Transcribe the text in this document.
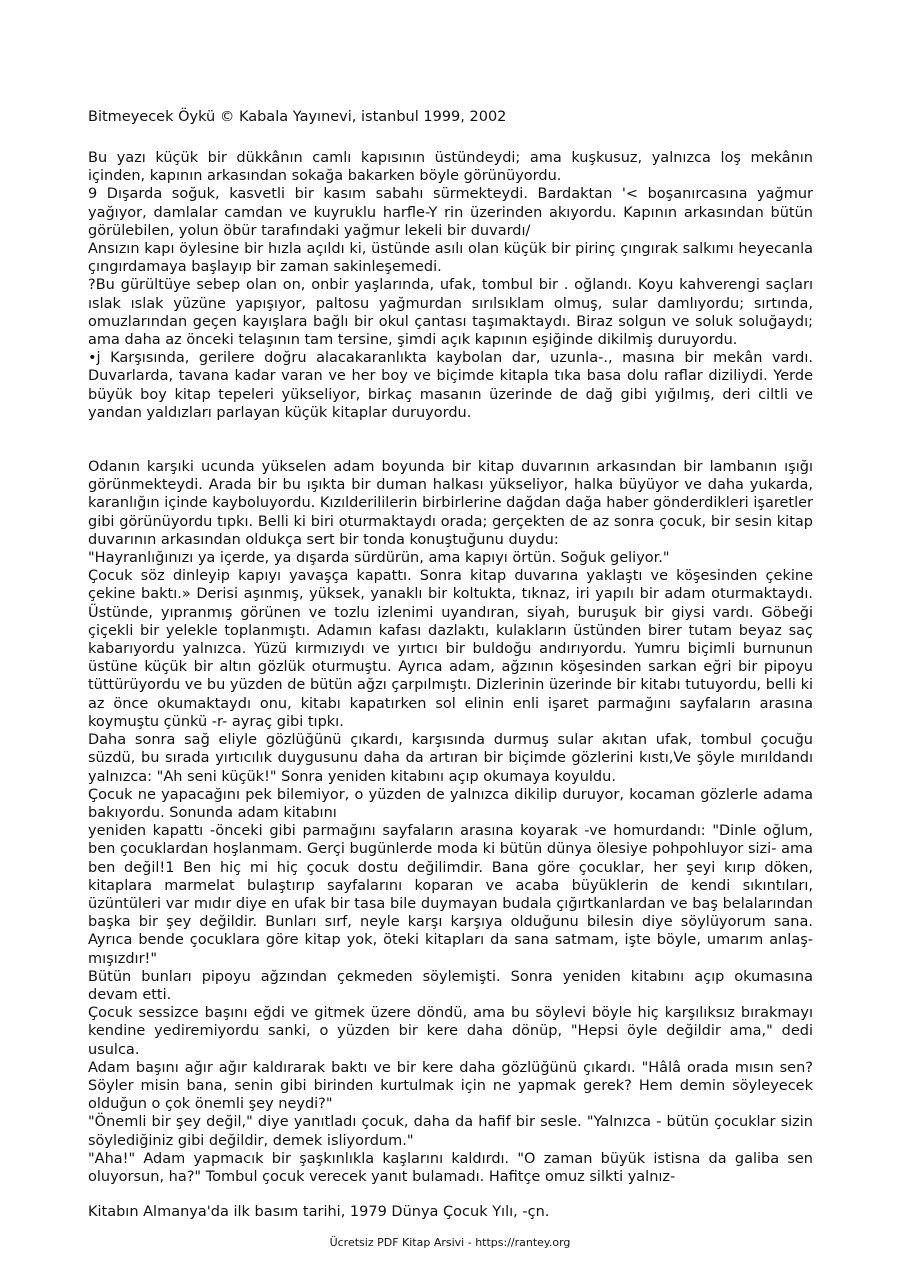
Bitmeyecek Öykü © Kabala Yayınevi, istanbul 1999, 2002

Bu yazı küçük bir dükkânın camlı kapısının üstündeydi; ama kuşkusuz, yalnızca loş mekânın içinden, kapının arkasından sokağa bakarken böyle görünüyordu.

9 Dışarda soğuk, kasvetli bir kasım sabahı sürmekteydi. Bardaktan '< boşanırcasına yağmur yağıyor, damlalar camdan ve kuyruklu harfle-Y rin üzerinden akıyordu. Kapının arkasından bütün görülebilen, yolun öbür tarafındaki yağmur lekeli bir duvardı/

Ansızın kapı öylesine bir hızla açıldı ki, üstünde asılı olan küçük bir pirinç çıngırak salkımı heyecanla çıngırdamaya başlayıp bir zaman sakinleşemedi.

?Bu gürültüye sebep olan on, onbir yaşlarında, ufak, tombul bir . oğlandı. Koyu kahverengi saçları ıslak ıslak yüzüne yapışıyor, paltosu yağmurdan sırılsıklam olmuş, sular damlıyordu; sırtında, omuzlarından geçen kayışlara bağlı bir okul çantası taşımaktaydı. Biraz solgun ve soluk soluğaydı; ama daha az önceki telaşının tam tersine, şimdi açık kapının eşiğinde dikilmiş duruyordu.

•j Karşısında, gerilere doğru alacakaranlıkta kaybolan dar, uzunla-., masına bir mekân vardı. Duvarlarda, tavana kadar varan ve her boy ve biçimde kitapla tıka basa dolu raflar diziliydi. Yerde büyük boy kitap tepeleri yükseliyor, birkaç masanın üzerinde de dağ gibi yığılmış, deri ciltli ve yandan yaldızları parlayan küçük kitaplar duruyordu.

Odanın karşıki ucunda yükselen adam boyunda bir kitap duvarının arkasından bir lambanın ışığı görünmekteydi. Arada bir bu ışıkta bir duman halkası yükseliyor, halka büyüyor ve daha yukarda, karanlığın içinde kayboluyordu. Kızılderililerin birbirlerine dağdan dağa haber gönderdikleri işaretler gibi görünüyordu tıpkı. Belli ki biri oturmaktaydı orada; gerçekten de az sonra çocuk, bir sesin kitap duvarının arkasından oldukça sert bir tonda konuştuğunu duydu:

"Hayranlığınızı ya içerde, ya dışarda sürdürün, ama kapıyı örtün. Soğuk geliyor."

Çocuk söz dinleyip kapıyı yavaşça kapattı. Sonra kitap duvarına yaklaştı ve köşesinden çekine çekine baktı.» Derisi aşınmış, yüksek, yanaklı bir koltukta, tıknaz, iri yapılı bir adam oturmaktaydı. Üstünde, yıpranmış görünen ve tozlu izlenimi uyandıran, siyah, buruşuk bir giysi vardı. Göbeği çiçekli bir yelekle toplanmıştı. Adamın kafası dazlaktı, kulakların üstünden birer tutam beyaz saç kabarıyordu yalnızca. Yüzü kırmızıydı ve yırtıcı bir buldoğu andırıyordu. Yumru biçimli burnunun üstüne küçük bir altın gözlük oturmuştu. Ayrıca adam, ağzının köşesinden sarkan eğri bir pipoyu tüttürüyordu ve bu yüzden de bütün ağzı çarpılmıştı. Dizlerinin üzerinde bir kitabı tutuyordu, belli ki az önce okumaktaydı onu, kitabı kapatırken sol elinin enli işaret parmağını sayfaların arasına koymuştu çünkü -r- ayraç gibi tıpkı.

Daha sonra sağ eliyle gözlüğünü çıkardı, karşısında durmuş sular akıtan ufak, tombul çocuğu süzdü, bu sırada yırtıcılık duygusunu daha da artıran bir biçimde gözlerini kıstı,Ve şöyle mırıldandı yalnızca: "Ah seni küçük!" Sonra yeniden kitabını açıp okumaya koyuldu.

Çocuk ne yapacağını pek bilemiyor, o yüzden de yalnızca dikilip duruyor, kocaman gözlerle adama bakıyordu. Sonunda adam kitabını

yeniden kapattı -önceki gibi parmağını sayfaların arasına koyarak -ve homurdandı: "Dinle oğlum, ben çocuklardan hoşlanmam. Gerçi bugünlerde moda ki bütün dünya ölesiye pohpohluyor sizi- ama ben değil!1 Ben hiç mi hiç çocuk dostu değilimdir. Bana göre çocuklar, her şeyi kırıp döken, kitaplara marmelat bulaştırıp sayfalarını koparan ve acaba büyüklerin de kendi sıkıntıları, üzüntüleri var mıdır diye en ufak bir tasa bile duymayan budala çığırtkanlardan ve baş belalarından başka bir şey değildir. Bunları sırf, neyle karşı karşıya olduğunu bilesin diye söylüyorum sana. Ayrıca bende çocuklara göre kitap yok, öteki kitapları da sana satmam, işte böyle, umarım anlaş-mışızdır!"

Bütün bunları pipoyu ağzından çekmeden söylemişti. Sonra yeniden kitabını açıp okumasına devam etti.

Çocuk sessizce başını eğdi ve gitmek üzere döndü, ama bu söylevi böyle hiç karşılıksız bırakmayı kendine yediremiyordu sanki, o yüzden bir kere daha dönüp, "Hepsi öyle değildir ama," dedi usulca.

Adam başını ağır ağır kaldırarak baktı ve bir kere daha gözlüğünü çıkardı. "Hâlâ orada mısın sen? Söyler misin bana, senin gibi birinden kurtulmak için ne yapmak gerek? Hem demin söyleyecek olduğun o çok önemli şey neydi?"

"Önemli bir şey değil," diye yanıtladı çocuk, daha da hafif bir sesle. "Yalnızca - bütün çocuklar sizin söylediğiniz gibi değildir, demek isliyordum."

"Aha!" Adam yapmacık bir şaşkınlıkla kaşlarını kaldırdı. "O zaman büyük istisna da galiba sen oluyorsun, ha?" Tombul çocuk verecek yanıt bulamadı. Hafitçe omuz silkti yalnız-

Kitabın Almanya'da ilk basım tarihi, 1979 Dünya Çocuk Yılı, -çn.

Ücretsiz PDF Kitap Arsivi - https://rantey.org
